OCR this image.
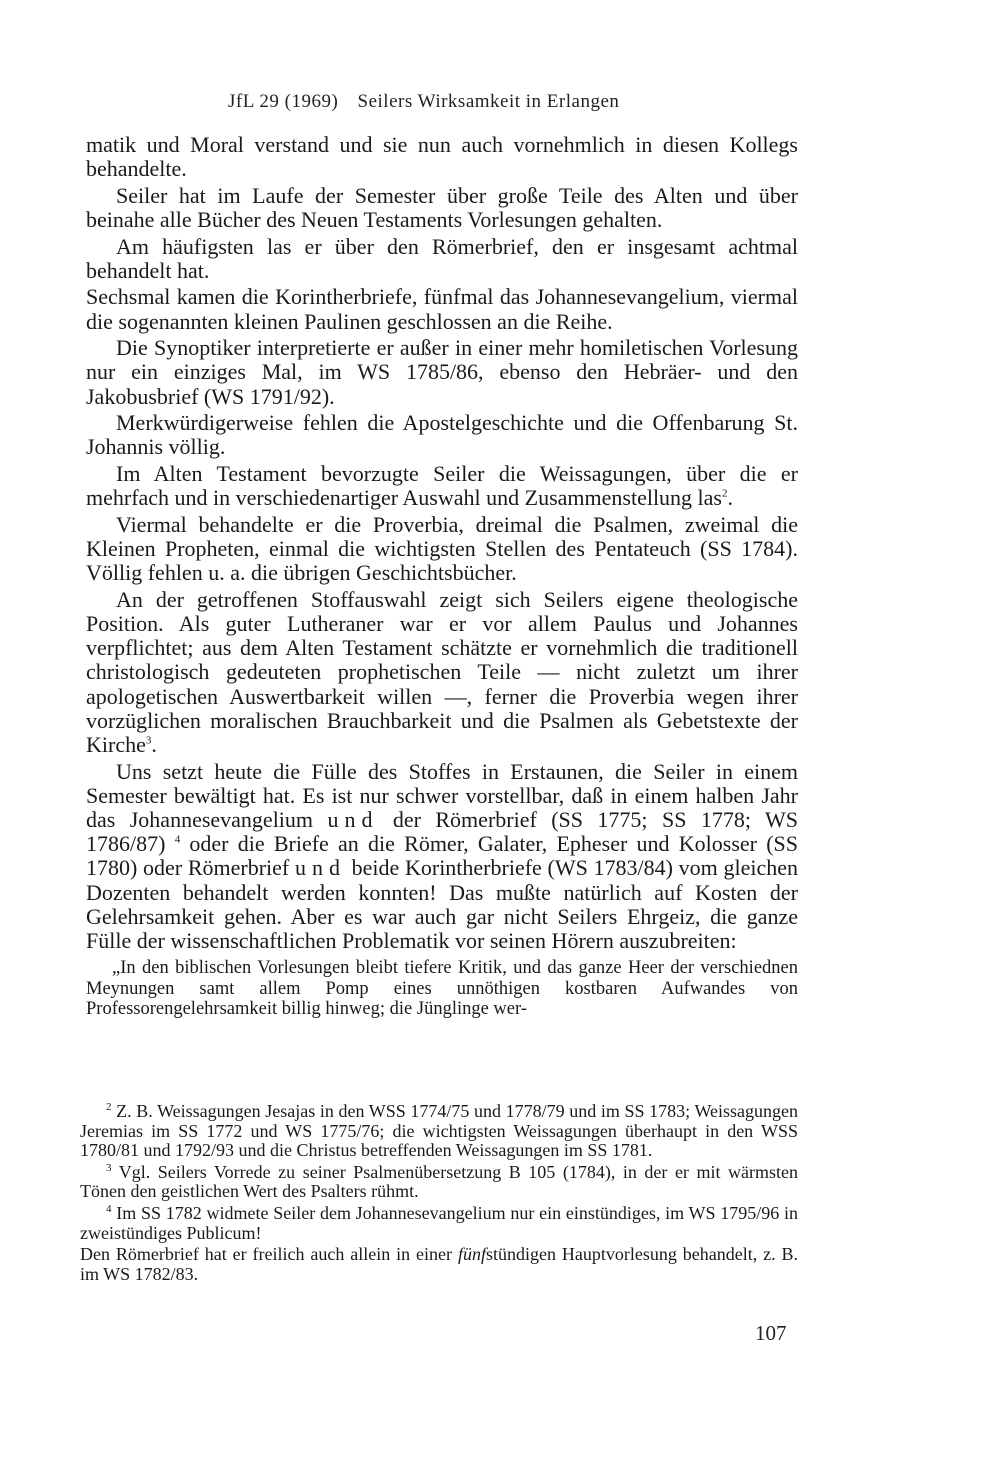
JfL 29 (1969) Seilers Wirksamkeit in Erlangen

matik und Moral verstand und sie nun auch vornehmlich in diesen Kollegs behandelte.

Seiler hat im Laufe der Semester über große Teile des Alten und über beinahe alle Bücher des Neuen Testaments Vorlesungen gehalten.

Am häufigsten las er über den Römerbrief, den er insgesamt achtmal behandelt hat.

Sechsmal kamen die Korintherbriefe, fünfmal das Johannesevangelium, viermal die sogenannten kleinen Paulinen geschlossen an die Reihe.

Die Synoptiker interpretierte er außer in einer mehr homiletischen Vorlesung nur ein einziges Mal, im WS 1785/86, ebenso den Hebräer- und den Jakobusbrief (WS 1791/92).

Merkwürdigerweise fehlen die Apostelgeschichte und die Offenbarung St. Johannis völlig.

Im Alten Testament bevorzugte Seiler die Weissagungen, über die er mehrfach und in verschiedenartiger Auswahl und Zusammenstellung las$^2$.

Viermal behandelte er die Proverbia, dreimal die Psalmen, zweimal die Kleinen Propheten, einmal die wichtigsten Stellen des Pentateuch (SS 1784). Völlig fehlen u. a. die übrigen Geschichtsbücher.

An der getroffenen Stoffauswahl zeigt sich Seilers eigene theologische Position. Als guter Lutheraner war er vor allem Paulus und Johannes verpflichtet; aus dem Alten Testament schätzte er vornehmlich die traditionell christologisch gedeuteten prophetischen Teile — nicht zuletzt um ihrer apologetischen Auswertbarkeit willen —, ferner die Proverbia wegen ihrer vorzüglichen moralischen Brauchbarkeit und die Psalmen als Gebetstexte der Kirche$^3$.

Uns setzt heute die Fülle des Stoffes in Erstaunen, die Seiler in einem Semester bewältigt hat. Es ist nur schwer vorstellbar, daß in einem halben Jahr das Johannesevangelium und der Römerbrief (SS 1775; SS 1778; WS 1786/87) $^4$ oder die Briefe an die Römer, Galater, Epheser und Kolosser (SS 1780) oder Römerbrief und beide Korintherbriefe (WS 1783/84) vom gleichen Dozenten behandelt werden konnten! Das mußte natürlich auf Kosten der Gelehrsamkeit gehen. Aber es war auch gar nicht Seilers Ehrgeiz, die ganze Fülle der wissenschaftlichen Problematik vor seinen Hörern auszubreiten:

„In den biblischen Vorlesungen bleibt tiefere Kritik, und das ganze Heer der verschiednen Meynungen samt allem Pomp eines unnöthigen kostbaren Aufwandes von Professorengelehrsamkeit billig hinweg; die Jünglinge wer-

$^2$ Z. B. Weissagungen Jesajas in den WSS 1774/75 und 1778/79 und im SS 1783; Weissagungen Jeremias im SS 1772 und WS 1775/76; die wichtigsten Weissagungen überhaupt in den WSS 1780/81 und 1792/93 und die Christus betreffenden Weissagungen im SS 1781.

$^3$ Vgl. Seilers Vorrede zu seiner Psalmenübersetzung B 105 (1784), in der er mit wärmsten Tönen den geistlichen Wert des Psalters rühmt.

$^4$ Im SS 1782 widmete Seiler dem Johannesevangelium nur ein einstündiges, im WS 1795/96 in zweistündiges Publicum!

Den Römerbrief hat er freilich auch allein in einer fünfstündigen Hauptvorlesung behandelt, z. B. im WS 1782/83.

107
